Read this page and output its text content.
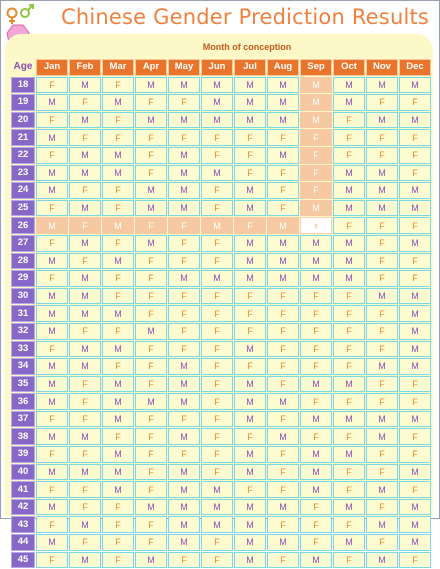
Chinese Gender Prediction Results
Month of conception
Age	Jan	Feb	Mar	Apr	May	Jun	Jul	Aug	Sep	Oct	Nov	Dec
18	F	M	F	M	M	M	M	M	M	M	M	M
19	M	F	M	F	F	M	M	M	M	M	F	F
20	F	M	F	M	M	M	M	M	M	F	M	M
21	M	F	F	F	F	F	F	F	F	F	F	F
22	F	M	M	F	M	F	F	M	F	F	F	F
23	M	M	M	F	M	M	F	F	F	M	M	F
24	M	F	F	M	M	F	M	F	F	M	M	M
25	F	M	F	M	M	F	M	F	M	M	M	M
26	M	F	M	F	F	M	F	M	♀	F	F	F
27	F	M	F	M	F	F	M	M	M	M	F	M
28	M	F	M	F	F	F	M	M	M	M	F	F
29	F	M	F	F	M	M	M	M	M	M	F	F
30	M	M	F	F	F	F	F	F	F	F	M	M
31	M	M	M	F	F	F	F	F	F	F	F	M
32	M	F	F	M	F	F	F	F	F	F	F	M
33	F	M	M	F	F	F	M	F	F	F	F	M
34	M	M	F	F	M	F	F	F	F	F	M	M
35	M	F	M	F	M	F	M	F	M	M	F	F
36	M	F	M	M	M	F	M	M	F	F	F	F
37	F	F	M	F	F	F	M	F	M	M	M	M
38	M	M	F	F	M	F	F	M	F	F	M	F
39	F	F	M	F	F	F	M	F	M	M	F	F
40	M	M	M	F	M	F	M	F	M	F	F	M
41	F	F	M	F	M	M	F	F	M	F	M	F
42	M	F	F	M	M	M	M	M	F	M	F	M
43	F	M	F	F	M	M	M	F	F	F	M	M
44	M	F	F	F	M	F	M	M	F	M	F	M
45	F	M	F	M	F	F	M	F	M	F	M	F
